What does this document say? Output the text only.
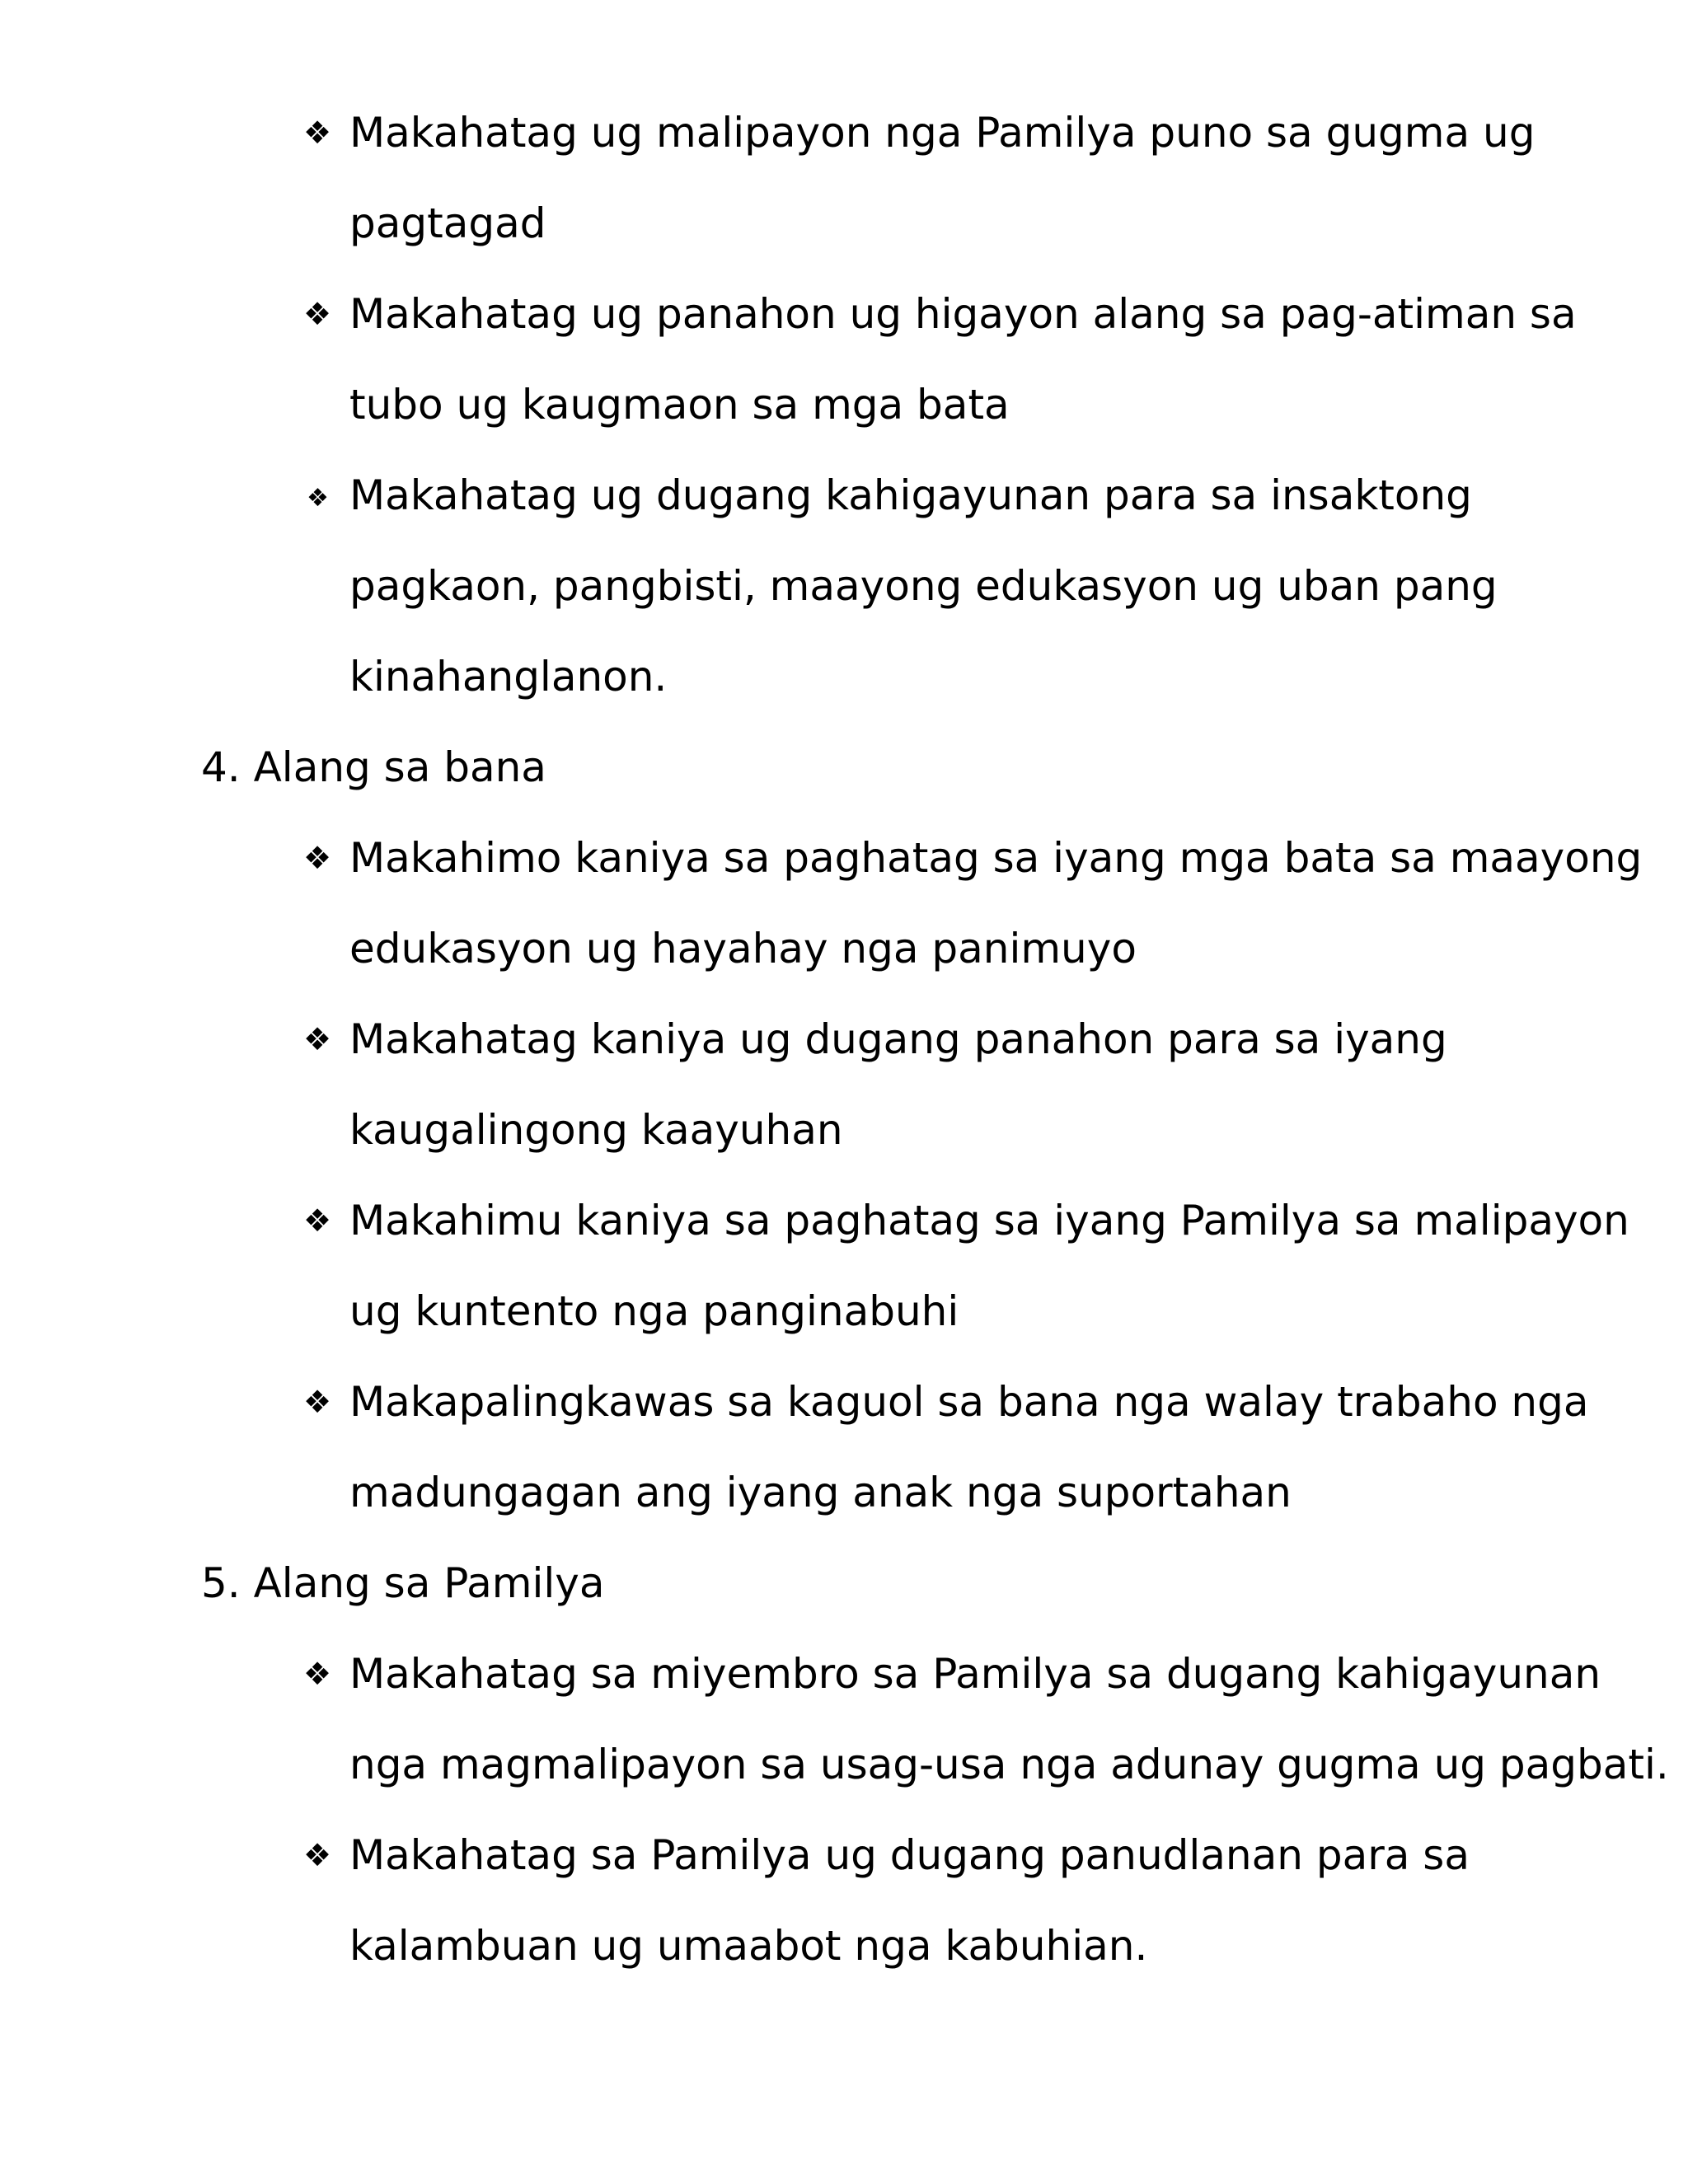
❖ Makahatag ug malipayon nga Pamilya puno sa gugma ug
pagtagad
❖ Makahatag ug panahon ug higayon alang sa pag-atiman sa
tubo ug kaugmaon sa mga bata
❖ Makahatag ug dugang kahigayunan para sa insaktong
pagkaon, pangbisti, maayong edukasyon ug uban pang
kinahanglanon.
4. Alang sa bana
❖ Makahimo kaniya sa paghatag sa iyang mga bata sa maayong
edukasyon ug hayahay nga panimuyo
❖ Makahatag kaniya ug dugang panahon para sa iyang
kaugalingong kaayuhan
❖ Makahimu kaniya sa paghatag sa iyang Pamilya sa malipayon
ug kuntento nga panginabuhi
❖ Makapalingkawas sa kaguol sa bana nga walay trabaho nga
madungagan ang iyang anak nga suportahan
5. Alang sa Pamilya
❖ Makahatag sa miyembro sa Pamilya sa dugang kahigayunan
nga magmalipayon sa usag-usa nga adunay gugma ug pagbati.
❖ Makahatag sa Pamilya ug dugang panudlanan para sa
kalambuan ug umaabot nga kabuhian.
